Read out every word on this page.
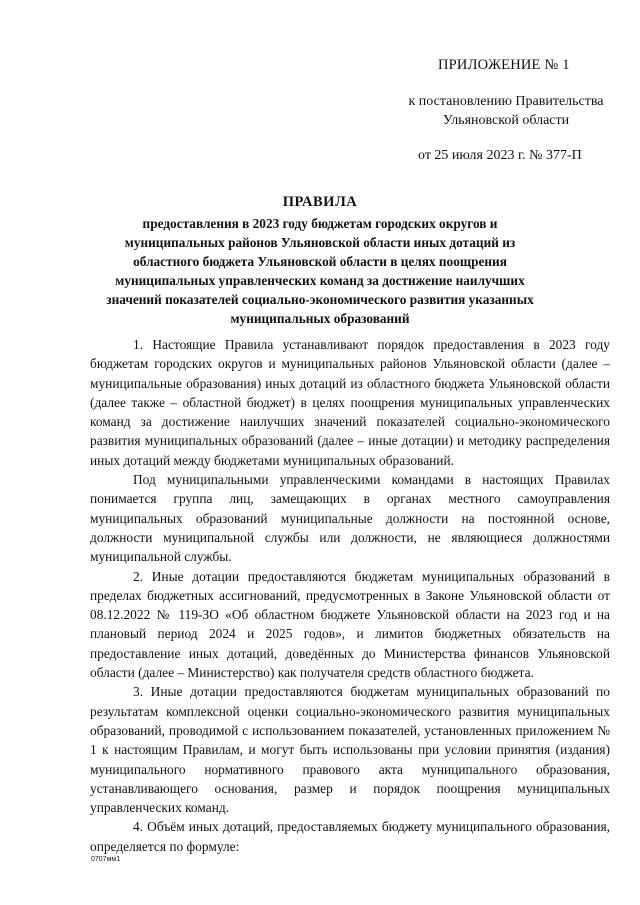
ПРИЛОЖЕНИЕ № 1
к постановлению Правительства Ульяновской области
от 25 июля 2023 г. № 377-П
ПРАВИЛА
предоставления в 2023 году бюджетам городских округов и муниципальных районов Ульяновской области иных дотаций из областного бюджета Ульяновской области в целях поощрения муниципальных управленческих команд за достижение наилучших значений показателей социально-экономического развития указанных муниципальных образований

1. Настоящие Правила устанавливают порядок предоставления в 2023 году бюджетам городских округов и муниципальных районов Ульяновской области (далее – муниципальные образования) иных дотаций из областного бюджета Ульяновской области (далее также – областной бюджет) в целях поощрения муниципальных управленческих команд за достижение наилучших значений показателей социально-экономического развития муниципальных образований (далее – иные дотации) и методику распределения иных дотаций между бюджетами муниципальных образований.

Под муниципальными управленческими командами в настоящих Правилах понимается группа лиц, замещающих в органах местного самоуправления муниципальных образований муниципальные должности на постоянной основе, должности муниципальной службы или должности, не являющиеся должностями муниципальной службы.

2. Иные дотации предоставляются бюджетам муниципальных образований в пределах бюджетных ассигнований, предусмотренных в Законе Ульяновской области от 08.12.2022 № 119-ЗО «Об областном бюджете Ульяновской области на 2023 год и на плановый период 2024 и 2025 годов», и лимитов бюджетных обязательств на предоставление иных дотаций, доведённых до Министерства финансов Ульяновской области (далее – Министерство) как получателя средств областного бюджета.

3. Иные дотации предоставляются бюджетам муниципальных образований по результатам комплексной оценки социально-экономического развития муниципальных образований, проводимой с использованием показателей, установленных приложением № 1 к настоящим Правилам, и могут быть использованы при условии принятия (издания) муниципального нормативного правового акта муниципального образования, устанавливающего основания, размер и порядок поощрения муниципальных управленческих команд.

4. Объём иных дотаций, предоставляемых бюджету муниципального образования, определяется по формуле:

0707мм1
